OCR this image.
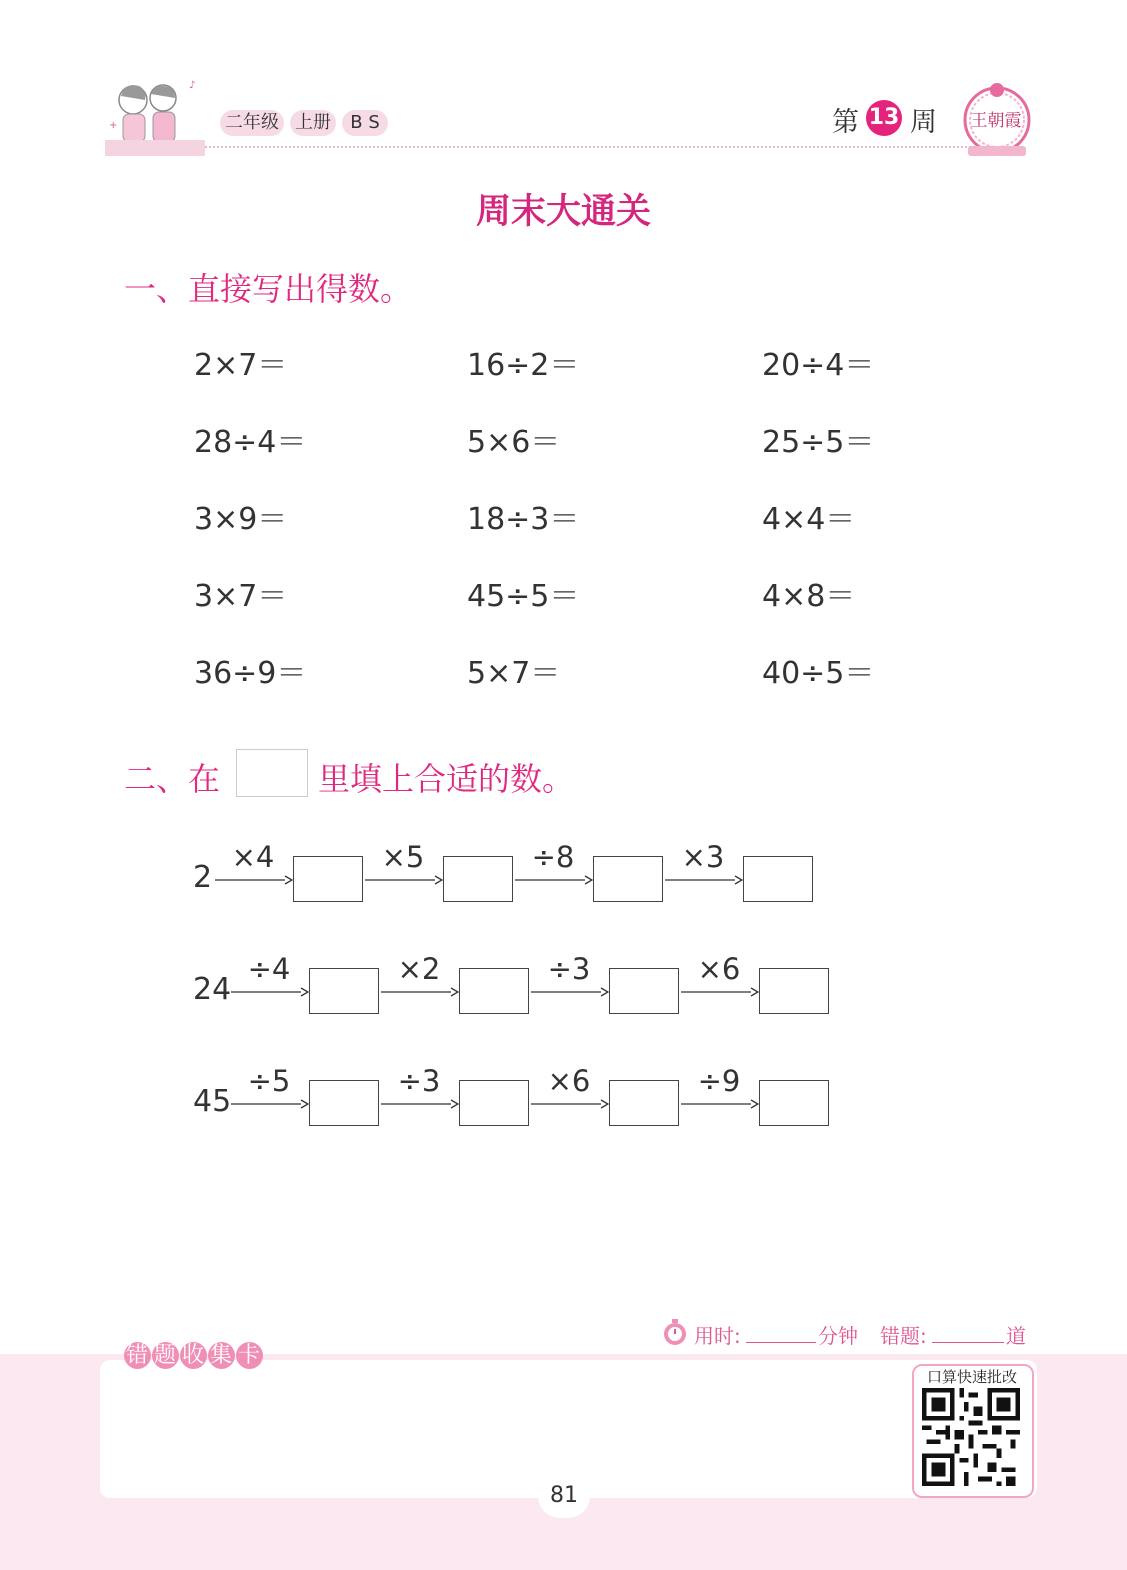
♪
+	二年级 上册	B S	第 13 周	王朝霞
周末大通关
一、直接写出得数。
2×7＝	16÷2＝	20÷4＝
28÷4＝	5×6＝	25÷5＝
3×9＝	18÷3＝	4×4＝
3×7＝	45÷5＝	4×8＝
36÷9＝	5×7＝	40÷5＝
二、在	里填上合适的数。
2
×4	×5	÷8	×3
24
÷4	×2	÷3	×6
45
÷5	÷3	×6	÷9
用时:	分钟 错题:	道
错 题 收 集 卡
口算快速批改
81
